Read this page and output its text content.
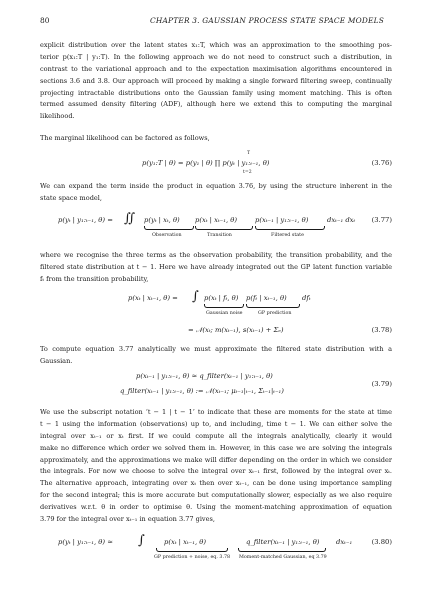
80	CHAPTER 3. GAUSSIAN PROCESS STATE SPACE MODELS
explicit distribution over the latent states x₁:T, which was an approximation to the smoothing pos-
terior p(x₁:T | y₁:T). In the following approach we do not need to construct such a distribution, in
contrast to the variational approach and to the expectation maximisation algorithms encountered in
sections 3.6 and 3.8. Our approach will proceed by making a single forward filtering sweep, continually
projecting intractable distributions onto the Gaussian family using moment matching. This is often
termed assumed density filtering (ADF), although here we extend this to computing the marginal
likelihood.
The marginal likelihood can be factored as follows,
p(y₁:T | θ) = p(y₁ | θ) ∏ p(yₜ | y₁:ₜ₋₁, θ)
T
t=2
(3.76)
We can expand the term inside the product in equation 3.76, by using the structure inherent in the
state space model,
p(yₜ | y₁:ₜ₋₁, θ) = ∬ p(yₜ | xₜ, θ) p(xₜ | xₜ₋₁, θ)	p(xₜ₋₁ | y₁:ₜ₋₁, θ)	dxₜ₋₁ dxₜ
Observation	Transition	Filtered state
(3.77)
where we recognise the three terms as the observation probability, the transition probability, and the
filtered state distribution at t − 1. Here we have already integrated out the GP latent function variable
fₜ from the transition probability,
p(xₜ | xₜ₋₁, θ) = ∫ p(xₜ | fₜ, θ) p(fₜ | xₜ₋₁, θ) dfₜ
Gaussian noise	GP prediction
= 𝒩(xₜ; m(xₜ₋₁), s(xₜ₋₁) + Σₑ)	(3.78)
To compute equation 3.77 analytically we must approximate the filtered state distribution with a
Gaussian.
p(xₜ₋₁ | y₁:ₜ₋₁, θ) ≈ q_filter(xₜ₋₁ | y₁:ₜ₋₁, θ)
q_filter(xₜ₋₁ | y₁:ₜ₋₁, θ) := 𝒩(xₜ₋₁; μₜ₋₁|ₜ₋₁, Σₜ₋₁|ₜ₋₁)
(3.79)
We use the subscript notation ‘t − 1 | t − 1’ to indicate that these are moments for the state at time
t − 1 using the information (observations) up to, and including, time t − 1. We can either solve the
integral over xₜ₋₁ or xₜ first. If we could compute all the integrals analytically, clearly it would
make no difference which order we solved them in. However, in this case we are solving the integrals
approximately, and the approximations we make will differ depending on the order in which we consider
the integrals. For now we choose to solve the integral over xₜ₋₁ first, followed by the integral over xₜ.
The alternative approach, integrating over xₜ then over xₜ₋₁, can be done using importance sampling
for the second integral; this is more accurate but computationally slower, especially as we also require
derivatives w.r.t. θ in order to optimise θ. Using the moment-matching approximation of equation
3.79 for the integral over xₜ₋₁ in equation 3.77 gives,
p(yₜ | y₁:ₜ₋₁, θ) ≈ ∫	p(xₜ | xₜ₋₁, θ)	q_filter(xₜ₋₁ | y₁:ₜ₋₁, θ) dxₜ₋₁
GP prediction + noise, eq. 3.78 Moment-matched Gaussian, eq 3.79
(3.80)
